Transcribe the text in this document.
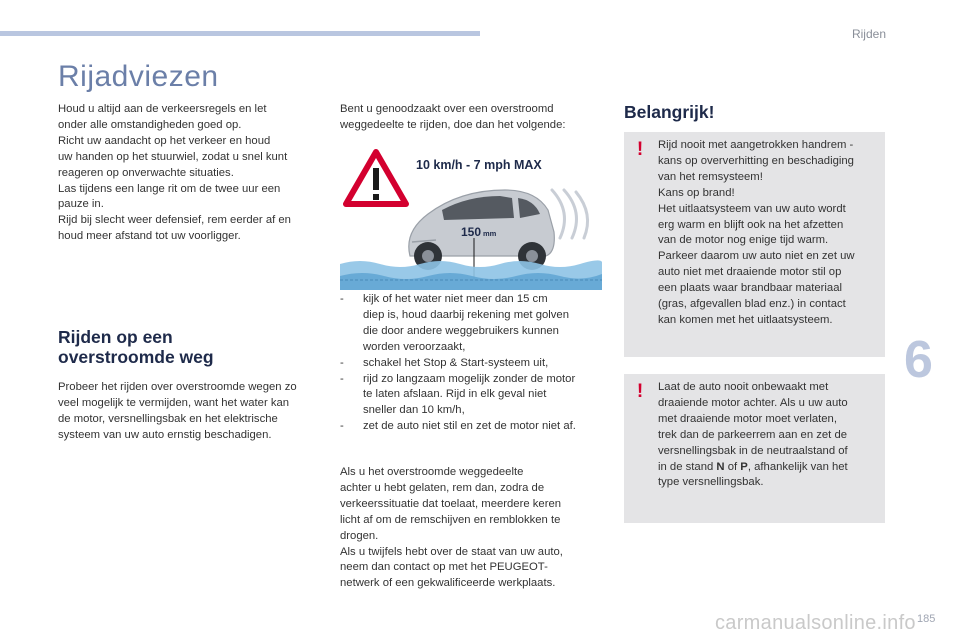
Rijden
Rijadviezen

Houd u altijd aan de verkeersregels en let

onder alle omstandigheden goed op.

Richt uw aandacht op het verkeer en houd

uw handen op het stuurwiel, zodat u snel kunt

reageren op onverwachte situaties.

Las tijdens een lange rit om de twee uur een

pauze in.

Rijd bij slecht weer defensief, rem eerder af en

houd meer afstand tot uw voorligger.

Rijden op een
overstroomde weg

Probeer het rijden over overstroomde wegen zo

veel mogelijk te vermijden, want het water kan

de motor, versnellingsbak en het elektrische

systeem van uw auto ernstig beschadigen.

Bent u genoodzaakt over een overstroomd

weggedeelte te rijden, doe dan het volgende:

10 km/h - 7 mph MAX
150 mm
- kijk of het water niet meer dan 15 cm
diep is, houd daarbij rekening met golven
die door andere weggebruikers kunnen
worden veroorzaakt,
- schakel het Stop & Start-systeem uit,
- rijd zo langzaam mogelijk zonder de motor
te laten afslaan. Rijd in elk geval niet
sneller dan 10 km/h,
- zet de auto niet stil en zet de motor niet af.

Als u het overstroomde weggedeelte

achter u hebt gelaten, rem dan, zodra de

verkeerssituatie dat toelaat, meerdere keren

licht af om de remschijven en remblokken te

drogen.

Als u twijfels hebt over de staat van uw auto,

neem dan contact op met het PEUGEOT-

netwerk of een gekwalificeerde werkplaats.

Belangrijk!
!	Rijd nooit met aangetrokken handrem -
kans op oververhitting en beschadiging
van het remsysteem!
Kans op brand!
Het uitlaatsysteem van uw auto wordt
erg warm en blijft ook na het afzetten
van de motor nog enige tijd warm.
Parkeer daarom uw auto niet en zet uw
auto niet met draaiende motor stil op
een plaats waar brandbaar materiaal
(gras, afgevallen blad enz.) in contact
kan komen met het uitlaatsysteem.
!	Laat de auto nooit onbewaakt met
draaiende motor achter. Als u uw auto
met draaiende motor moet verlaten,
trek dan de parkeerrem aan en zet de
versnellingsbak in de neutraalstand of
in de stand N of P, afhankelijk van het
type versnellingsbak.
6
carmanualsonline.info 185
